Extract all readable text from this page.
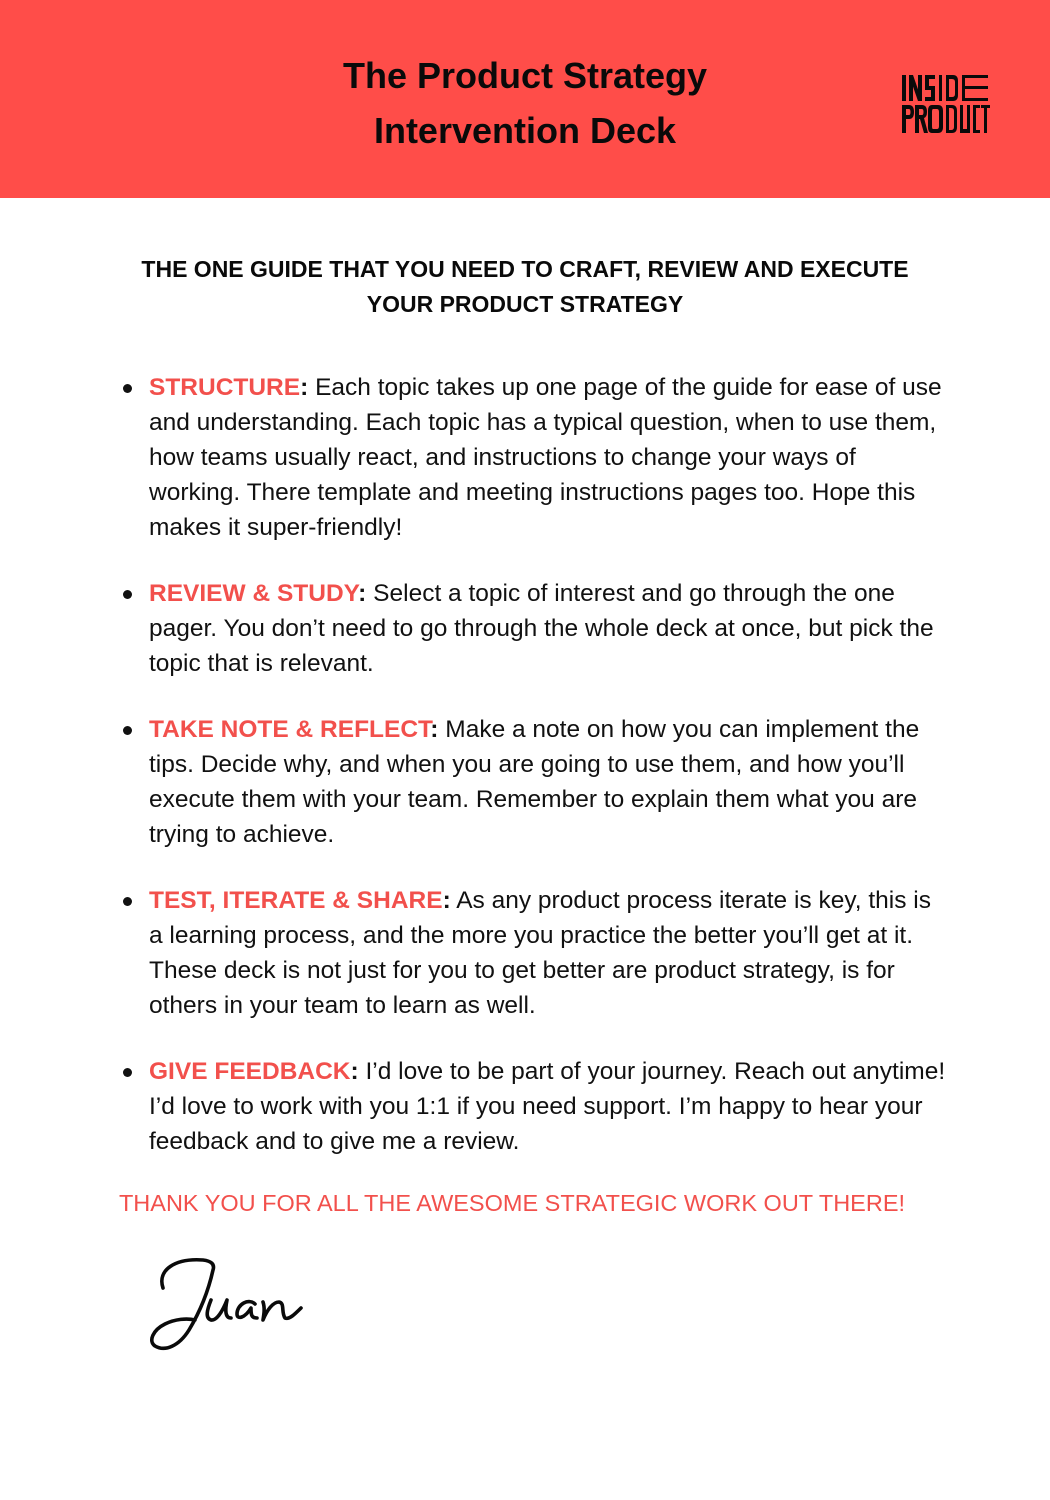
The Product Strategy
Intervention Deck
THE ONE GUIDE THAT YOU NEED TO CRAFT, REVIEW AND EXECUTE
YOUR PRODUCT STRATEGY
STRUCTURE: Each topic takes up one page of the guide for ease of use and understanding. Each topic has a typical question, when to use them, how teams usually react, and instructions to change your ways of working. There template and meeting instructions pages too. Hope this makes it super-friendly!
REVIEW & STUDY: Select a topic of interest and go through the one pager. You don’t need to go through the whole deck at once, but pick the topic that is relevant.
TAKE NOTE & REFLECT: Make a note on how you can implement the tips. Decide why, and when you are going to use them, and how you’ll execute them with your team. Remember to explain them what you are trying to achieve.
TEST, ITERATE & SHARE: As any product process iterate is key, this is a learning process, and the more you practice the better you’ll get at it. These deck is not just for you to get better are product strategy, is for others in your team to learn as well.
GIVE FEEDBACK: I’d love to be part of your journey. Reach out anytime! I’d love to work with you 1:1 if you need support. I’m happy to hear your feedback and to give me a review.

THANK YOU FOR ALL THE AWESOME STRATEGIC WORK OUT THERE!
